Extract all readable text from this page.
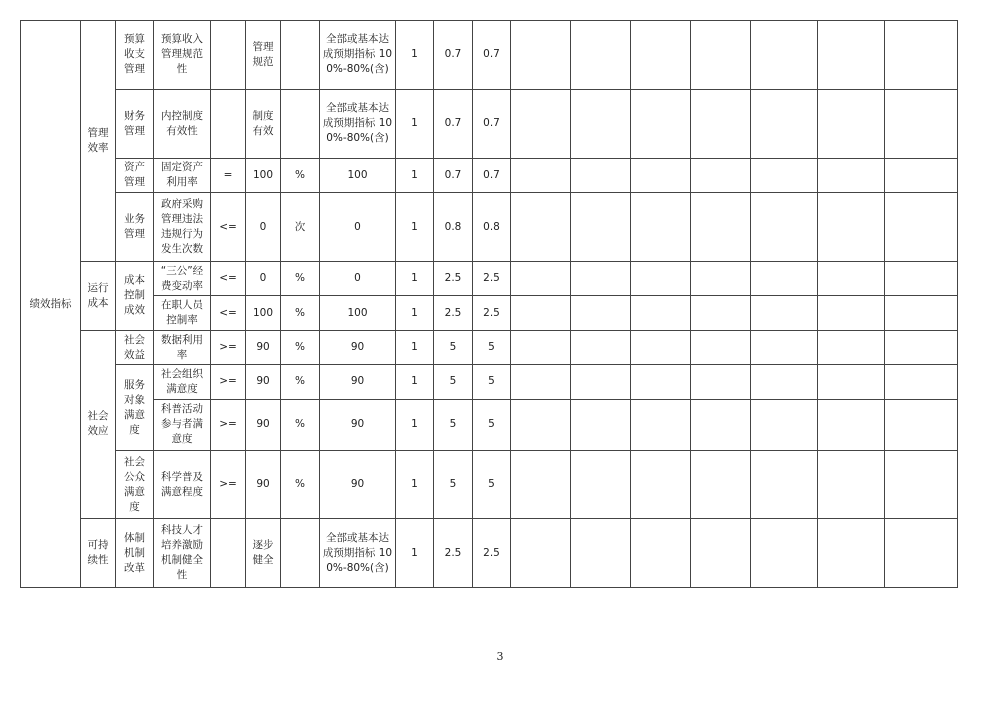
绩效指标	管理效率	预算收支管理	预算收入管理规范性		管理规范		全部或基本达成预期指标 100%-80%(含)	1	0.7	0.7							
		财务管理	内控制度有效性		制度有效		全部或基本达成预期指标 100%-80%(含)	1	0.7	0.7							
		资产管理	固定资产利用率	=	100	%	100	1	0.7	0.7							
		业务管理	政府采购管理违法违规行为发生次数	<=	0	次	0	1	0.8	0.8							
	运行成本	成本控制成效	“三公”经费变动率	<=	0	%	0	1	2.5	2.5							
			在职人员控制率	<=	100	%	100	1	2.5	2.5							
	社会效应	社会效益	数据利用率	>=	90	%	90	1	5	5							
		服务对象满意度	社会组织满意度	>=	90	%	90	1	5	5							
			科普活动参与者满意度	>=	90	%	90	1	5	5							
		社会公众满意度	科学普及满意程度	>=	90	%	90	1	5	5							
	可持续性	体制机制改革	科技人才培养激励机制健全性		逐步健全		全部或基本达成预期指标 100%-80%(含)	1	2.5	2.5							
3
